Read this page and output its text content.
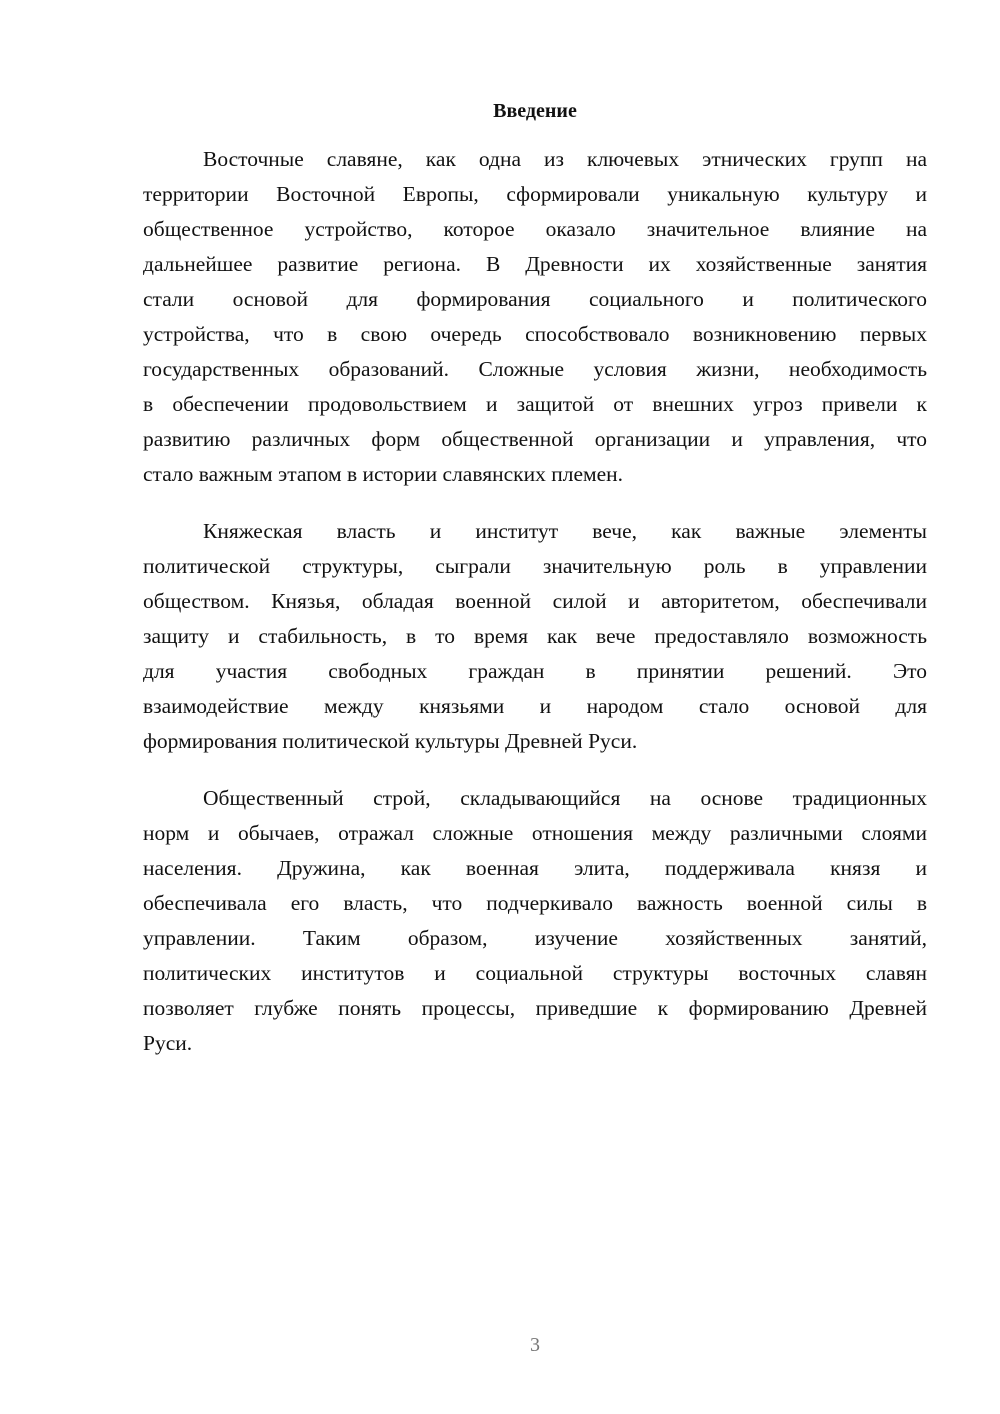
Введение
Восточные славяне, как одна из ключевых этнических групп на
территории Восточной Европы, сформировали уникальную культуру и
общественное устройство, которое оказало значительное влияние на
дальнейшее развитие региона. В Древности их хозяйственные занятия
стали основой для формирования социального и политического
устройства, что в свою очередь способствовало возникновению первых
государственных образований. Сложные условия жизни, необходимость
в обеспечении продовольствием и защитой от внешних угроз привели к
развитию различных форм общественной организации и управления, что
стало важным этапом в истории славянских племен.
Княжеская власть и институт вече, как важные элементы
политической структуры, сыграли значительную роль в управлении
обществом. Князья, обладая военной силой и авторитетом, обеспечивали
защиту и стабильность, в то время как вече предоставляло возможность
для участия свободных граждан в принятии решений. Это
взаимодействие между князьями и народом стало основой для
формирования политической культуры Древней Руси.
Общественный строй, складывающийся на основе традиционных
норм и обычаев, отражал сложные отношения между различными слоями
населения. Дружина, как военная элита, поддерживала князя и
обеспечивала его власть, что подчеркивало важность военной силы в
управлении. Таким образом, изучение хозяйственных занятий,
политических институтов и социальной структуры восточных славян
позволяет глубже понять процессы, приведшие к формированию Древней
Руси.
3
